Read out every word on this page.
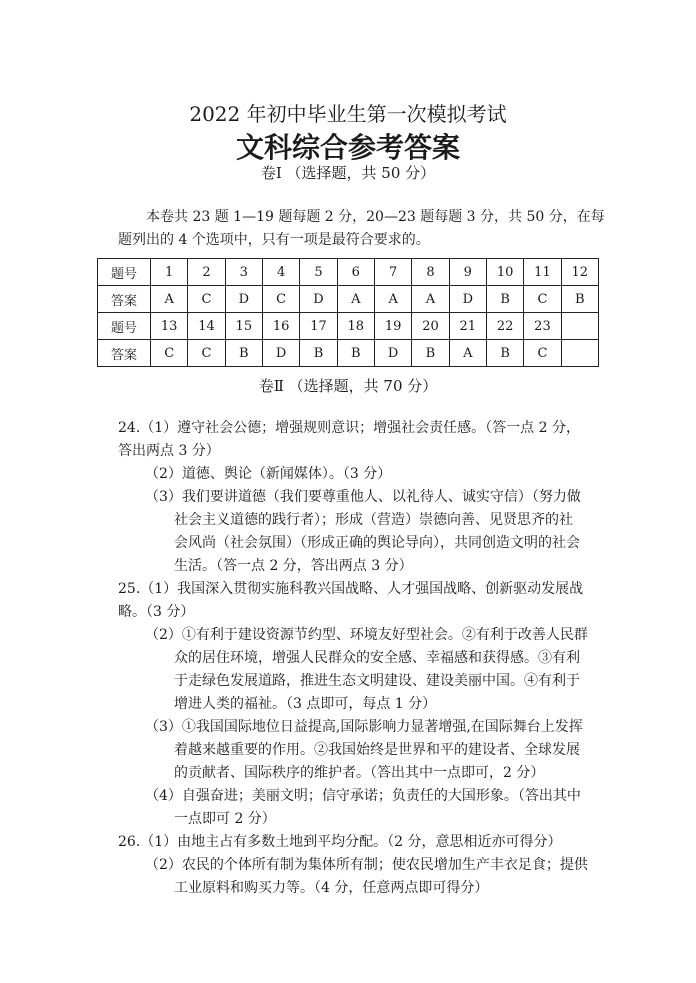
2022 年初中毕业生第一次模拟考试
文科综合参考答案
卷Ⅰ （选择题，共 50 分）
本卷共 23 题 1—19 题每题 2 分，20—23 题每题 3 分，共 50 分，在每
题列出的 4 个选项中，只有一项是最符合要求的。
题号	1	2	3	4	5	6	7	8	9	10	11	12
答案	A	C	D	C	D	A	A	A	D	B	C	B
题号	13	14	15	16	17	18	19	20	21	22	23	
答案	C	C	B	D	B	B	D	B	A	B	C	
卷Ⅱ （选择题，共 70 分）
24.（1）遵守社会公德；增强规则意识；增强社会责任感。（答一点 2 分，
答出两点 3 分）
（2）道德、舆论（新闻媒体）。（3 分）
（3）我们要讲道德（我们要尊重他人、以礼待人、诚实守信）（努力做
社会主义道德的践行者）；形成（营造）崇德向善、见贤思齐的社
会风尚（社会氛围）（形成正确的舆论导向），共同创造文明的社会
生活。（答一点 2 分，答出两点 3 分）
25.（1）我国深入贯彻实施科教兴国战略、人才强国战略、创新驱动发展战
略。（3 分）
（2）①有利于建设资源节约型、环境友好型社会。②有利于改善人民群
众的居住环境，增强人民群众的安全感、幸福感和获得感。③有利
于走绿色发展道路，推进生态文明建设、建设美丽中国。④有利于
增进人类的福祉。（3 点即可，每点 1 分）
（3）①我国国际地位日益提高,国际影响力显著增强,在国际舞台上发挥
着越来越重要的作用。②我国始终是世界和平的建设者、全球发展
的贡献者、国际秩序的维护者。（答出其中一点即可，2 分）
（4）自强奋进；美丽文明；信守承诺；负责任的大国形象。（答出其中
一点即可 2 分）
26.（1）由地主占有多数土地到平均分配。（2 分，意思相近亦可得分）
（2）农民的个体所有制为集体所有制；使农民增加生产丰衣足食；提供
工业原料和购买力等。（4 分，任意两点即可得分）
